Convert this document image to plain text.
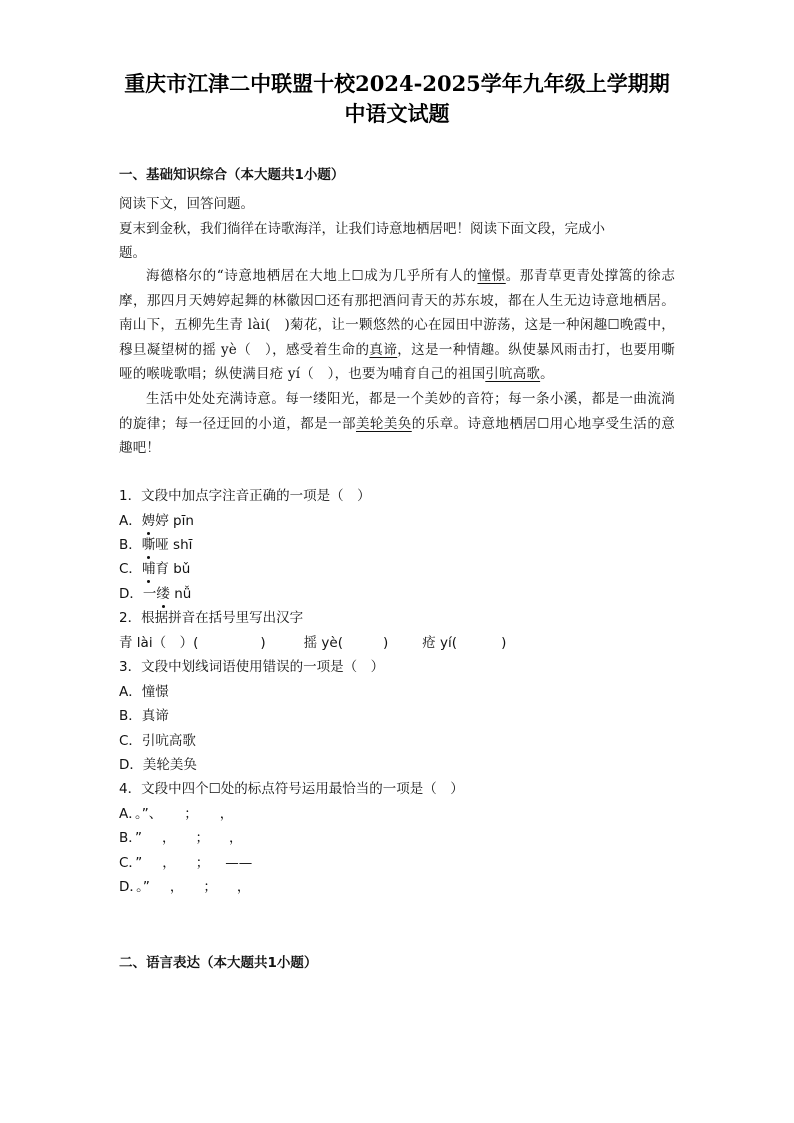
重庆市江津二中联盟十校2024-2025学年九年级上学期期
中语文试题
一、基础知识综合（本大题共1小题）
阅读下文，回答问题。
夏末到金秋，我们徜徉在诗歌海洋，让我们诗意地栖居吧！阅读下面文段，完成小
题。

海德格尔的“诗意地栖居在大地上☐成为几乎所有人的憧憬。那青草更青处撑篙的徐志摩，那四月天娉婷起舞的林徽因☐还有那把酒问青天的苏东坡，都在人生无边诗意地栖居。南山下，五柳先生青 lài(　)菊花，让一颗悠然的心在园田中游荡，这是一种闲趣☐晚霞中，穆旦凝望树的摇 yè（　），感受着生命的真谛，这是一种情趣。纵使暴风雨击打，也要用嘶哑的喉咙歌唱；纵使满目疮 yí（　），也要为哺育自己的祖国引吭高歌。

生活中处处充满诗意。每一缕阳光，都是一个美妙的音符；每一条小溪，都是一曲流淌的旋律；每一径迂回的小道，都是一部美轮美奂的乐章。诗意地栖居☐用心地享受生活的意趣吧！

1．文段中加点字注音正确的一项是（　）
A．娉婷 pīn
B．嘶哑 shī
C．哺育 bǔ
D．一缕 nǚ
2．根据拼音在括号里写出汉字
青 lài（　）(	)	摇 yè(	)	疮 yí(	)
3．文段中划线词语使用错误的一项是（　）
A．憧憬
B．真谛
C．引吭高歌
D．美轮美奂
4．文段中四个☐处的标点符号运用最恰当的一项是（　）
A．。”、 ； ，
B．” ， ； ，
C．” ， ； ——
D．。” ， ； ，
二、语言表达（本大题共1小题）
